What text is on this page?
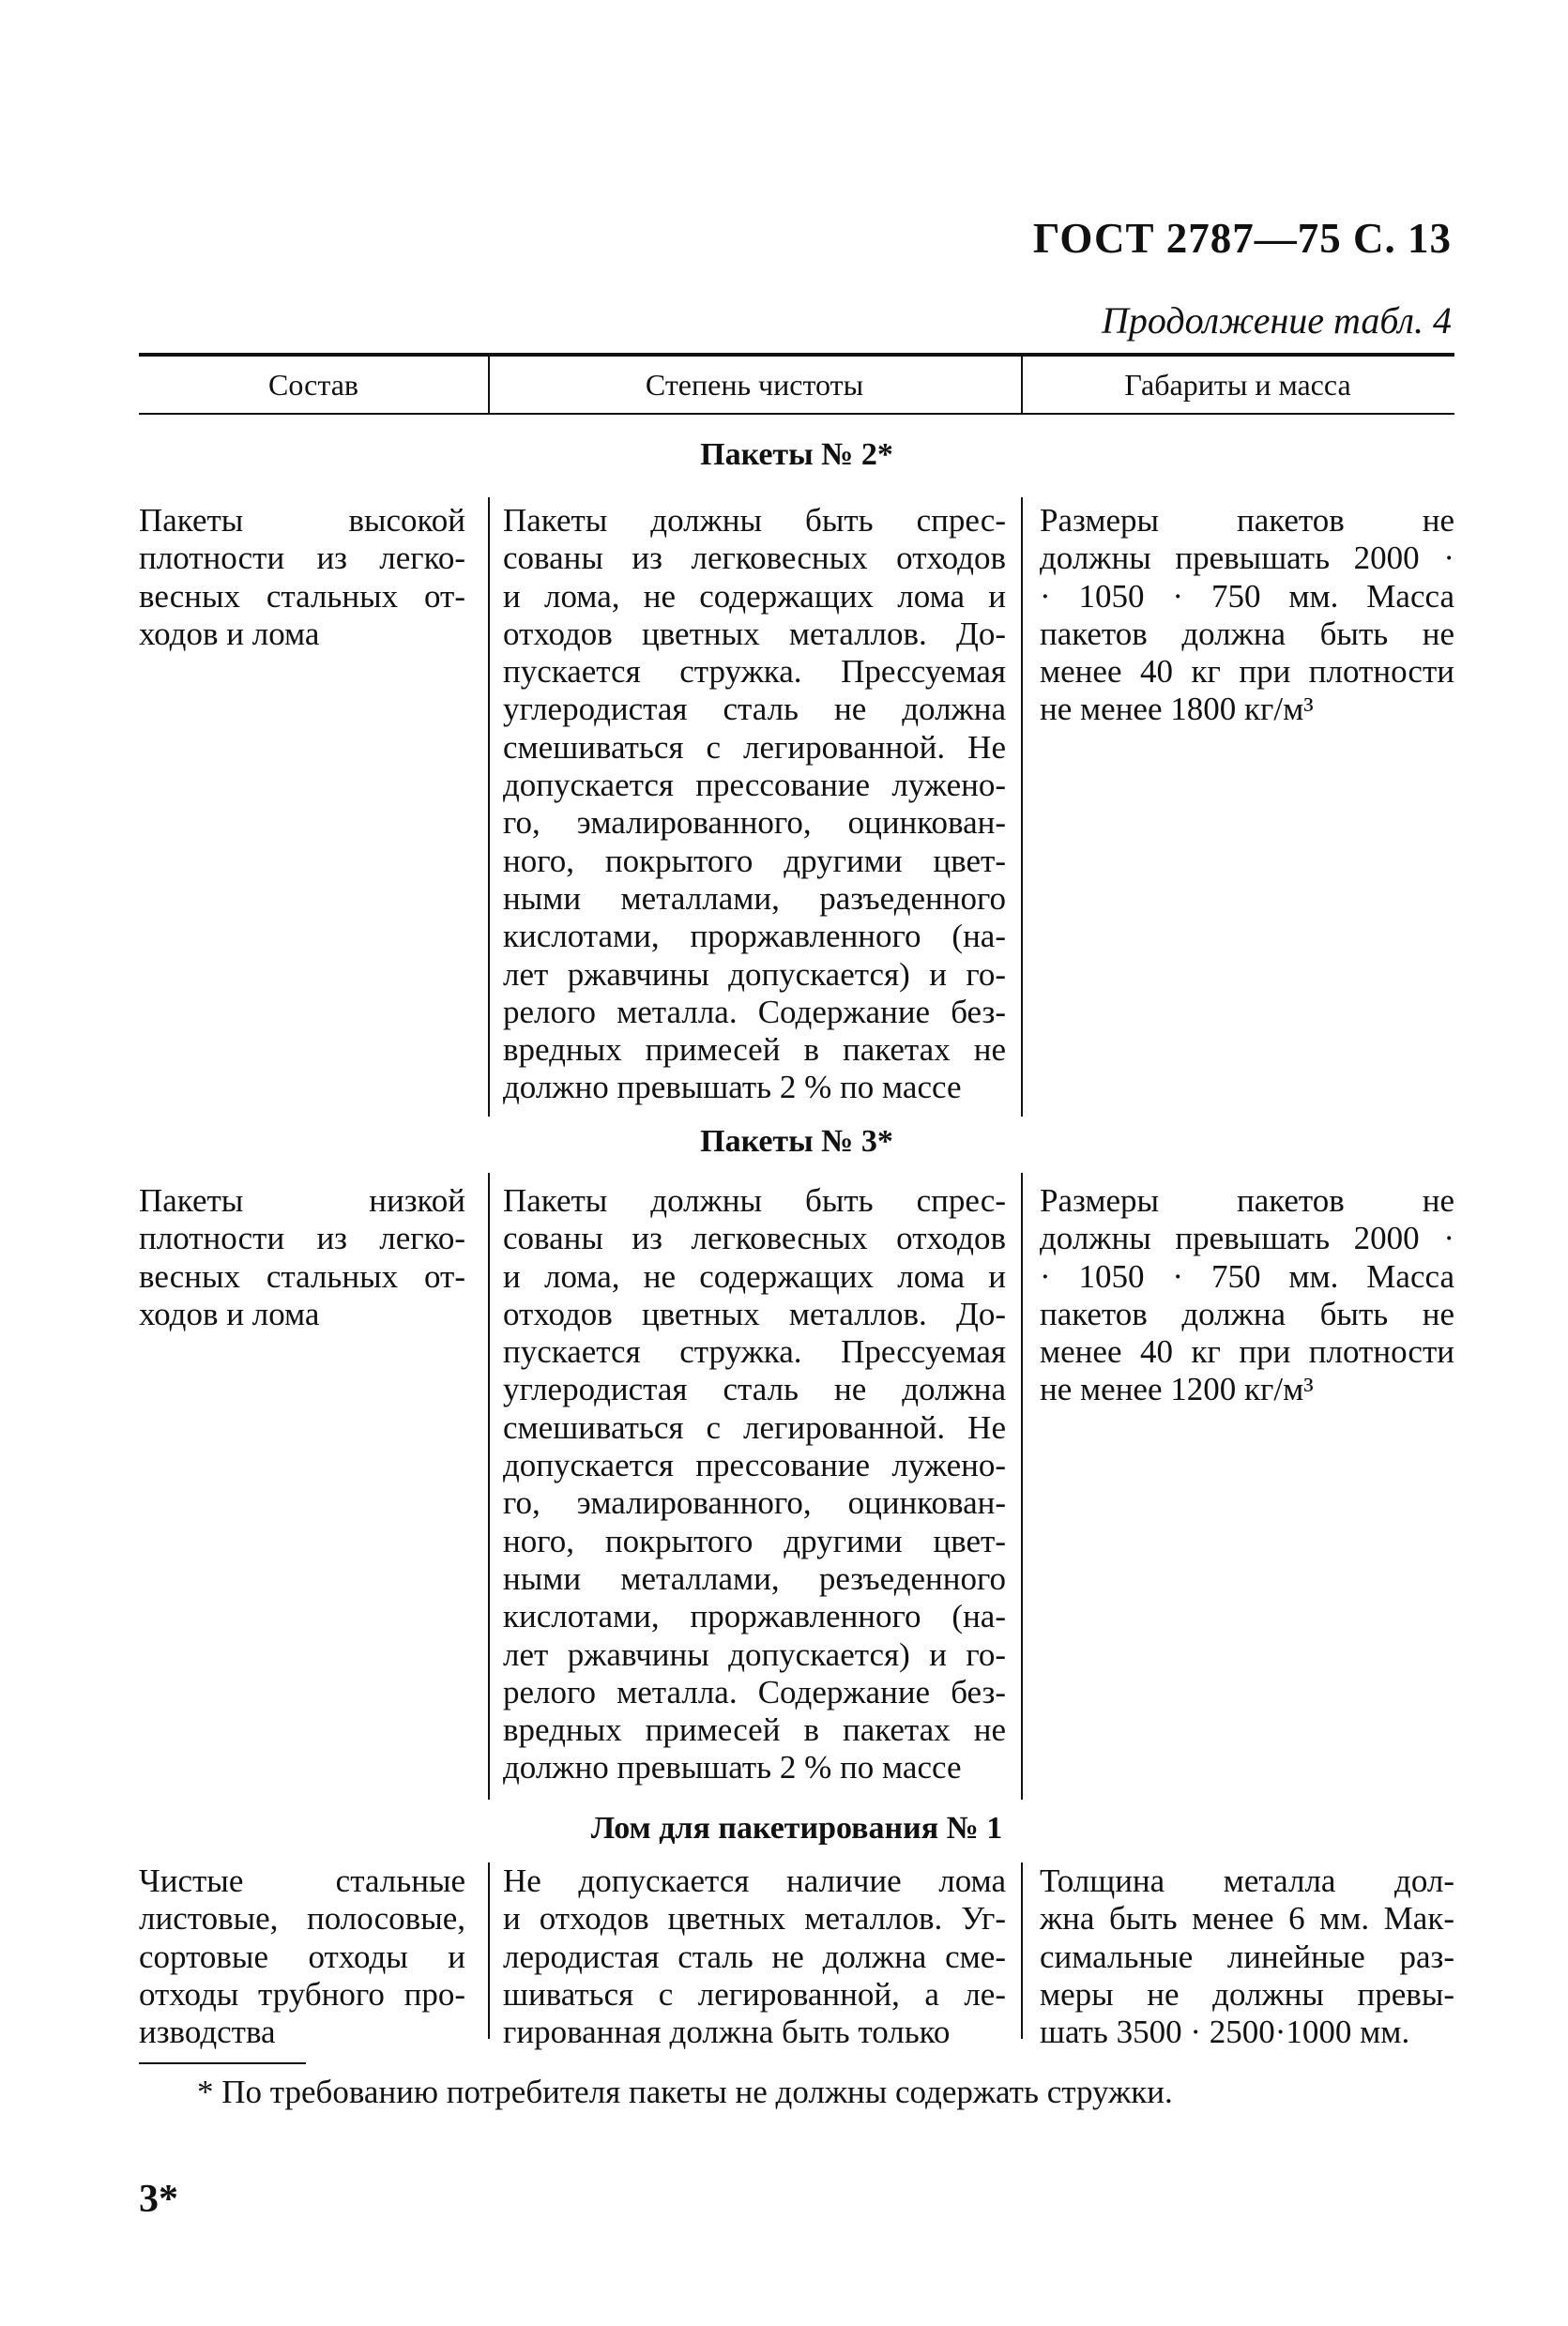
ГОСТ 2787—75 С. 13
Продолжение табл. 4
Состав	Степень чистоты	Габариты и масса
Пакеты № 2*
Пакеты высокой
плотности из легко-
весных стальных от-
ходов и лома
Пакеты должны быть спрес-
сованы из легковесных отходов
и лома, не содержащих лома и
отходов цветных металлов. До-
пускается стружка. Прессуемая
углеродистая сталь не должна
смешиваться с легированной. Не
допускается прессование лужено-
го, эмалированного, оцинкован-
ного, покрытого другими цвет-
ными металлами, разъеденного
кислотами, проржавленного (на-
лет ржавчины допускается) и го-
релого металла. Содержание без-
вредных примесей в пакетах не
должно превышать 2 % по массе
Размеры пакетов не
должны превышать 2000 ·
· 1050 · 750 мм. Масса
пакетов должна быть не
менее 40 кг при плотности
не менее 1800 кг/м³
Пакеты № 3*
Пакеты низкой
плотности из легко-
весных стальных от-
ходов и лома
Пакеты должны быть спрес-
сованы из легковесных отходов
и лома, не содержащих лома и
отходов цветных металлов. До-
пускается стружка. Прессуемая
углеродистая сталь не должна
смешиваться с легированной. Не
допускается прессование лужено-
го, эмалированного, оцинкован-
ного, покрытого другими цвет-
ными металлами, резъеденного
кислотами, проржавленного (на-
лет ржавчины допускается) и го-
релого металла. Содержание без-
вредных примесей в пакетах не
должно превышать 2 % по массе
Размеры пакетов не
должны превышать 2000 ·
· 1050 · 750 мм. Масса
пакетов должна быть не
менее 40 кг при плотности
не менее 1200 кг/м³
Лом для пакетирования № 1
Чистые стальные
листовые, полосовые,
сортовые отходы и
отходы трубного про-
изводства
Не допускается наличие лома
и отходов цветных металлов. Уг-
леродистая сталь не должна сме-
шиваться с легированной, а ле-
гированная должна быть только
Толщина металла дол-
жна быть менее 6 мм. Мак-
симальные линейные раз-
меры не должны превы-
шать 3500 · 2500·1000 мм.
* По требованию потребителя пакеты не должны содержать стружки.
3*
